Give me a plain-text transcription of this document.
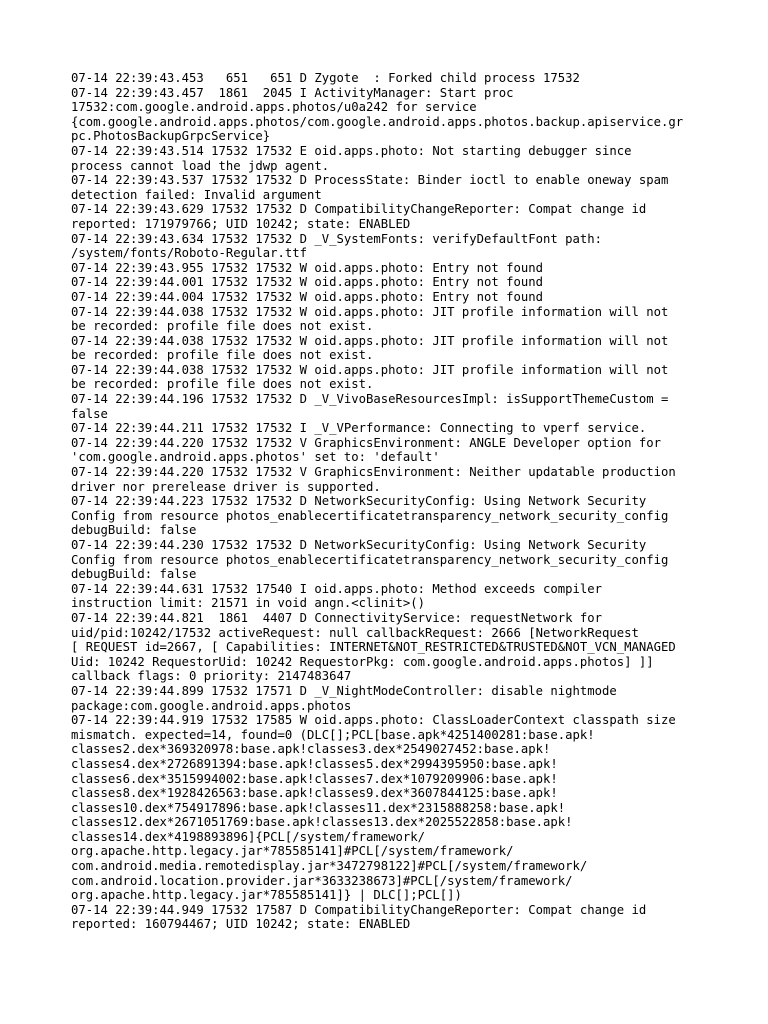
07-14 22:39:43.453   651   651 D Zygote  : Forked child process 17532
07-14 22:39:43.457  1861  2045 I ActivityManager: Start proc
17532:com.google.android.apps.photos/u0a242 for service
{com.google.android.apps.photos/com.google.android.apps.photos.backup.apiservice.gr
pc.PhotosBackupGrpcService}
07-14 22:39:43.514 17532 17532 E oid.apps.photo: Not starting debugger since
process cannot load the jdwp agent.
07-14 22:39:43.537 17532 17532 D ProcessState: Binder ioctl to enable oneway spam
detection failed: Invalid argument
07-14 22:39:43.629 17532 17532 D CompatibilityChangeReporter: Compat change id
reported: 171979766; UID 10242; state: ENABLED
07-14 22:39:43.634 17532 17532 D _V_SystemFonts: verifyDefaultFont path:
/system/fonts/Roboto-Regular.ttf
07-14 22:39:43.955 17532 17532 W oid.apps.photo: Entry not found
07-14 22:39:44.001 17532 17532 W oid.apps.photo: Entry not found
07-14 22:39:44.004 17532 17532 W oid.apps.photo: Entry not found
07-14 22:39:44.038 17532 17532 W oid.apps.photo: JIT profile information will not
be recorded: profile file does not exist.
07-14 22:39:44.038 17532 17532 W oid.apps.photo: JIT profile information will not
be recorded: profile file does not exist.
07-14 22:39:44.038 17532 17532 W oid.apps.photo: JIT profile information will not
be recorded: profile file does not exist.
07-14 22:39:44.196 17532 17532 D _V_VivoBaseResourcesImpl: isSupportThemeCustom =
false
07-14 22:39:44.211 17532 17532 I _V_VPerformance: Connecting to vperf service.
07-14 22:39:44.220 17532 17532 V GraphicsEnvironment: ANGLE Developer option for
'com.google.android.apps.photos' set to: 'default'
07-14 22:39:44.220 17532 17532 V GraphicsEnvironment: Neither updatable production
driver nor prerelease driver is supported.
07-14 22:39:44.223 17532 17532 D NetworkSecurityConfig: Using Network Security
Config from resource photos_enablecertificatetransparency_network_security_config
debugBuild: false
07-14 22:39:44.230 17532 17532 D NetworkSecurityConfig: Using Network Security
Config from resource photos_enablecertificatetransparency_network_security_config
debugBuild: false
07-14 22:39:44.631 17532 17540 I oid.apps.photo: Method exceeds compiler
instruction limit: 21571 in void angn.<clinit>()
07-14 22:39:44.821  1861  4407 D ConnectivityService: requestNetwork for
uid/pid:10242/17532 activeRequest: null callbackRequest: 2666 [NetworkRequest
[ REQUEST id=2667, [ Capabilities: INTERNET&NOT_RESTRICTED&TRUSTED&NOT_VCN_MANAGED
Uid: 10242 RequestorUid: 10242 RequestorPkg: com.google.android.apps.photos] ]]
callback flags: 0 priority: 2147483647
07-14 22:39:44.899 17532 17571 D _V_NightModeController: disable nightmode
package:com.google.android.apps.photos
07-14 22:39:44.919 17532 17585 W oid.apps.photo: ClassLoaderContext classpath size
mismatch. expected=14, found=0 (DLC[];PCL[base.apk*4251400281:base.apk!
classes2.dex*369320978:base.apk!classes3.dex*2549027452:base.apk!
classes4.dex*2726891394:base.apk!classes5.dex*2994395950:base.apk!
classes6.dex*3515994002:base.apk!classes7.dex*1079209906:base.apk!
classes8.dex*1928426563:base.apk!classes9.dex*3607844125:base.apk!
classes10.dex*754917896:base.apk!classes11.dex*2315888258:base.apk!
classes12.dex*2671051769:base.apk!classes13.dex*2025522858:base.apk!
classes14.dex*4198893896]{PCL[/system/framework/
org.apache.http.legacy.jar*785585141]#PCL[/system/framework/
com.android.media.remotedisplay.jar*3472798122]#PCL[/system/framework/
com.android.location.provider.jar*3633238673]#PCL[/system/framework/
org.apache.http.legacy.jar*785585141]} | DLC[];PCL[])
07-14 22:39:44.949 17532 17587 D CompatibilityChangeReporter: Compat change id
reported: 160794467; UID 10242; state: ENABLED
